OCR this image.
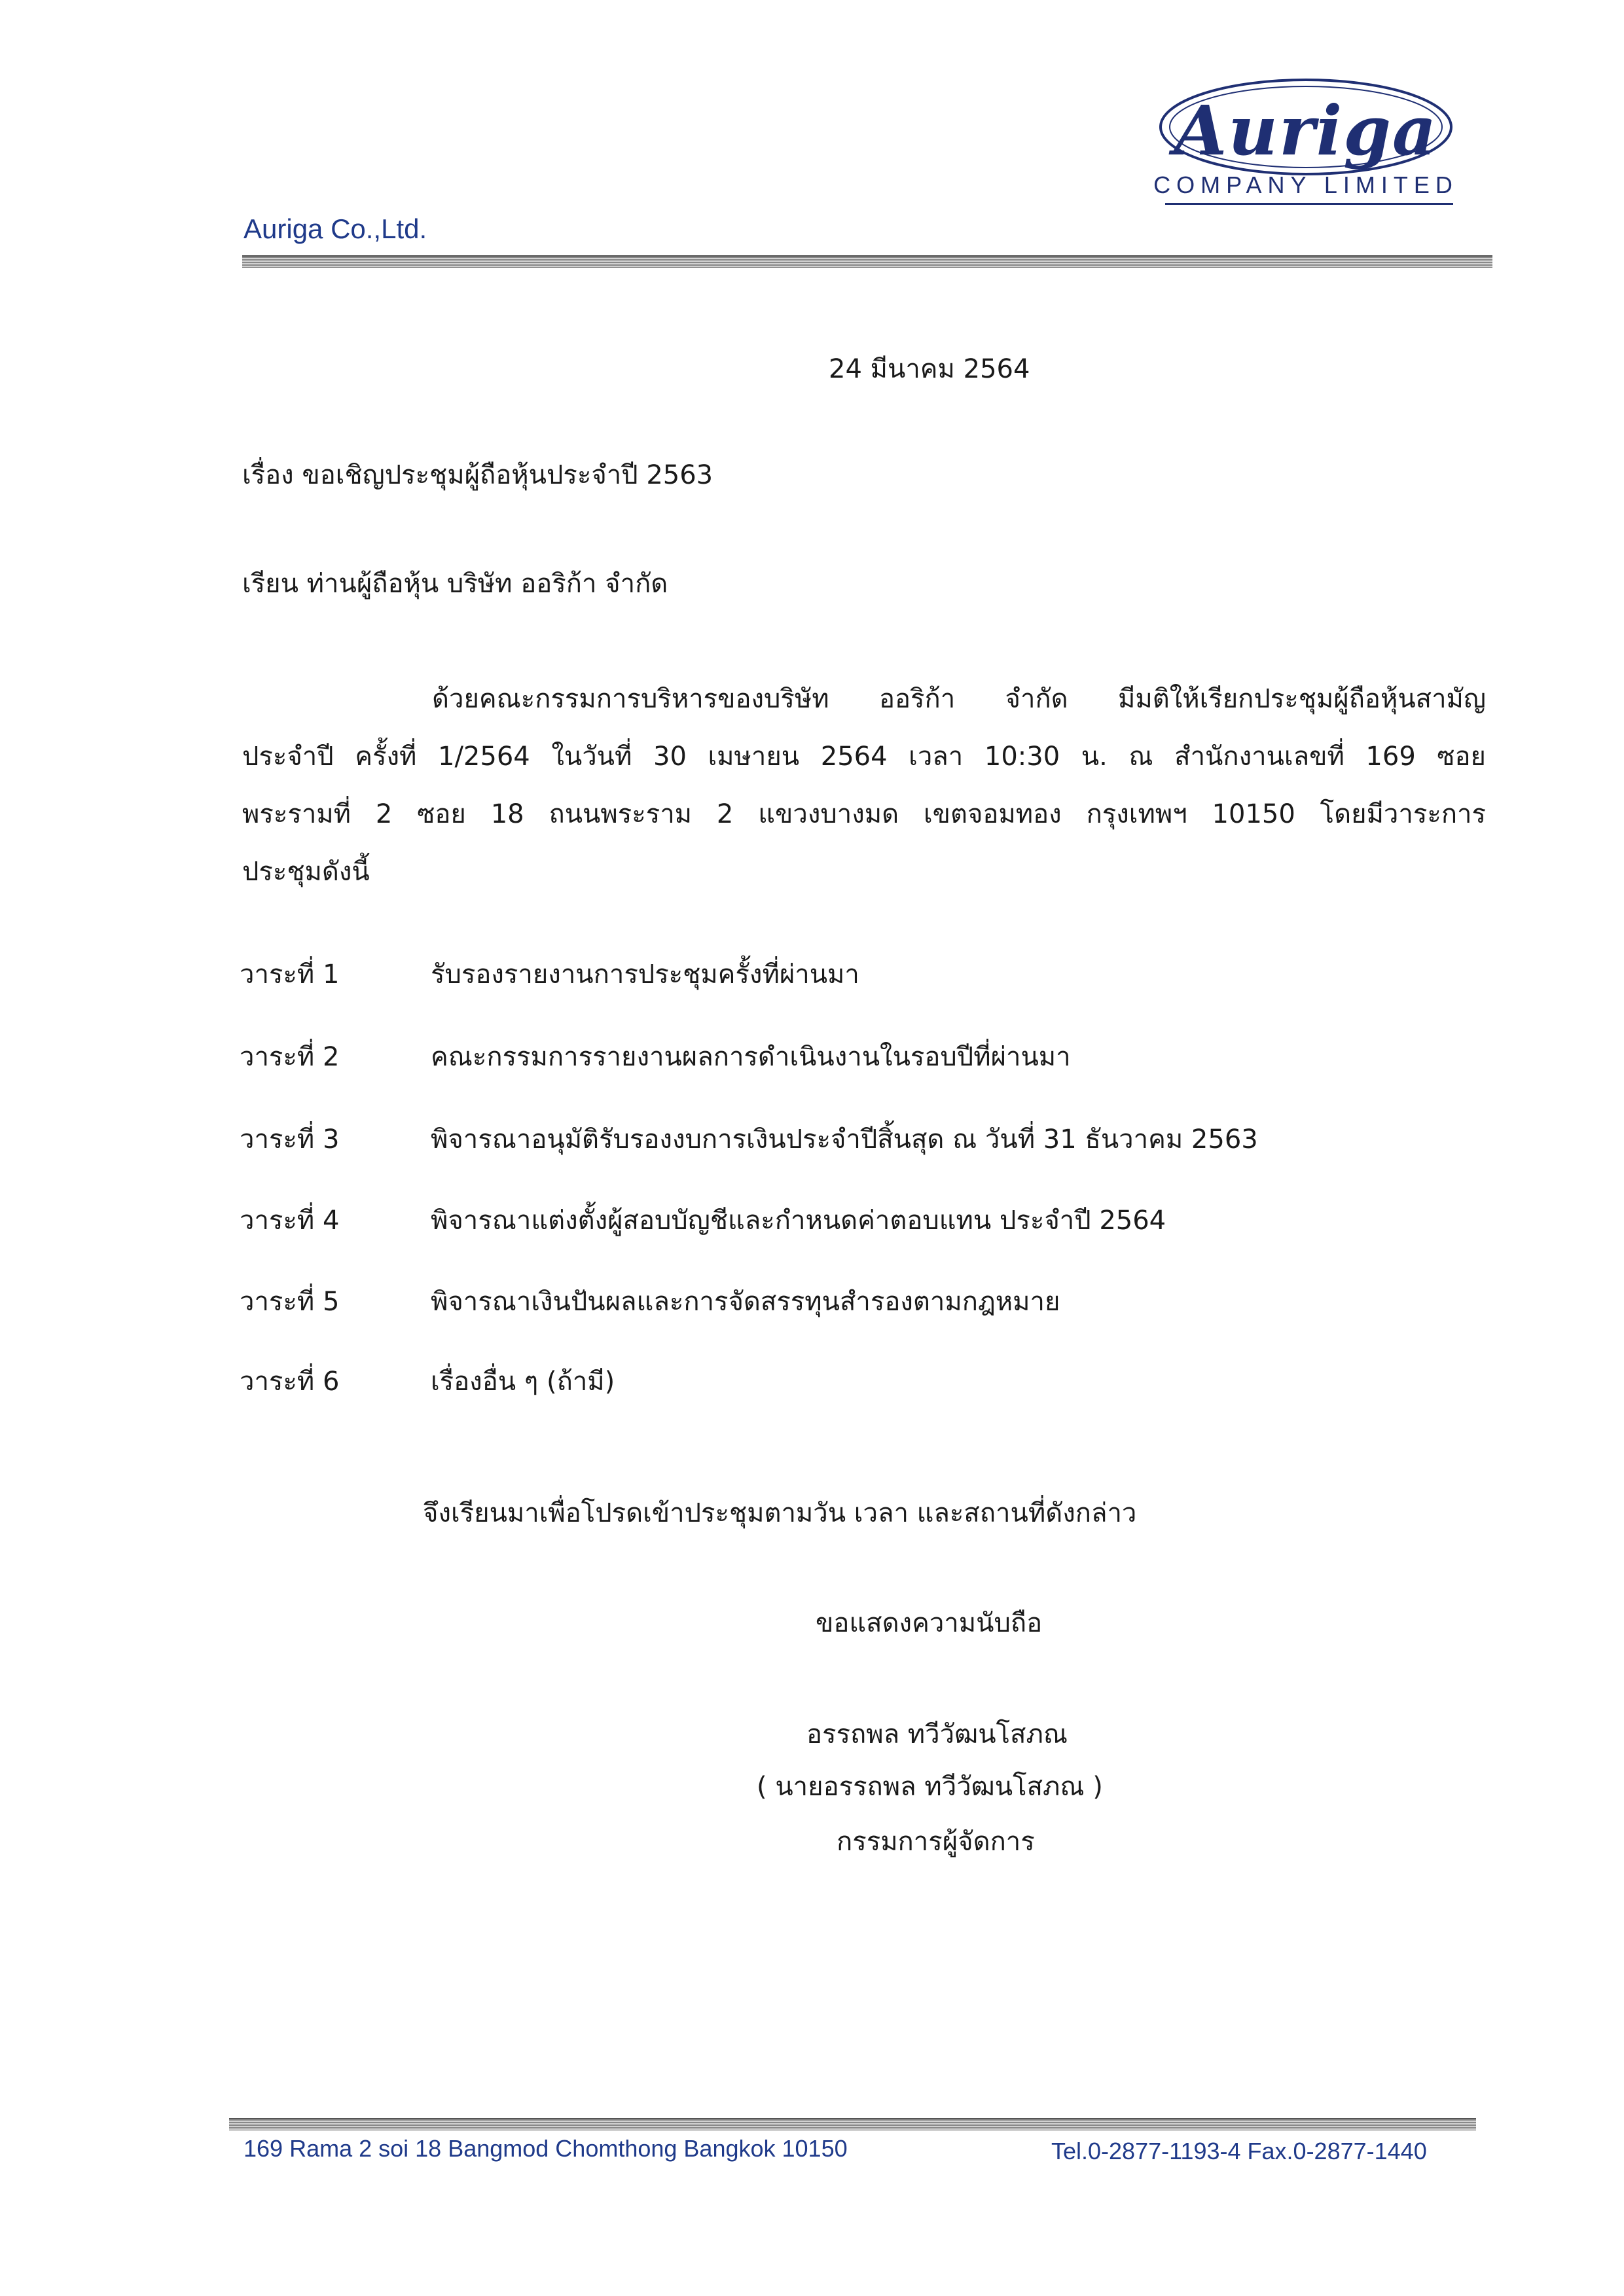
Auriga
COMPANY LIMITED
Auriga Co.,Ltd.
24 มีนาคม 2564
เรื่อง ขอเชิญประชุมผู้ถือหุ้นประจำปี 2563
เรียน ท่านผู้ถือหุ้น บริษัท ออริก้า จำกัด
ด้วยคณะกรรมการบริหารของบริษัท ออริก้า จำกัด มีมติให้เรียกประชุมผู้ถือหุ้นสามัญ
ประจำปี ครั้งที่ 1/2564 ในวันที่ 30 เมษายน 2564 เวลา 10:30 น. ณ สำนักงานเลขที่ 169 ซอย
พระรามที่ 2 ซอย 18 ถนนพระราม 2 แขวงบางมด เขตจอมทอง กรุงเทพฯ 10150 โดยมีวาระการ
ประชุมดังนี้
วาระที่ 1	รับรองรายงานการประชุมครั้งที่ผ่านมา
วาระที่ 2	คณะกรรมการรายงานผลการดำเนินงานในรอบปีที่ผ่านมา
วาระที่ 3	พิจารณาอนุมัติรับรองงบการเงินประจำปีสิ้นสุด ณ วันที่ 31 ธันวาคม 2563
วาระที่ 4	พิจารณาแต่งตั้งผู้สอบบัญชีและกำหนดค่าตอบแทน ประจำปี 2564
วาระที่ 5	พิจารณาเงินปันผลและการจัดสรรทุนสำรองตามกฎหมาย
วาระที่ 6	เรื่องอื่น ๆ (ถ้ามี)
จึงเรียนมาเพื่อโปรดเข้าประชุมตามวัน เวลา และสถานที่ดังกล่าว
ขอแสดงความนับถือ
อรรถพล ทวีวัฒนโสภณ
( นายอรรถพล ทวีวัฒนโสภณ )
กรรมการผู้จัดการ
169 Rama 2 soi 18 Bangmod Chomthong Bangkok 10150	Tel.0-2877-1193-4 Fax.0-2877-1440
